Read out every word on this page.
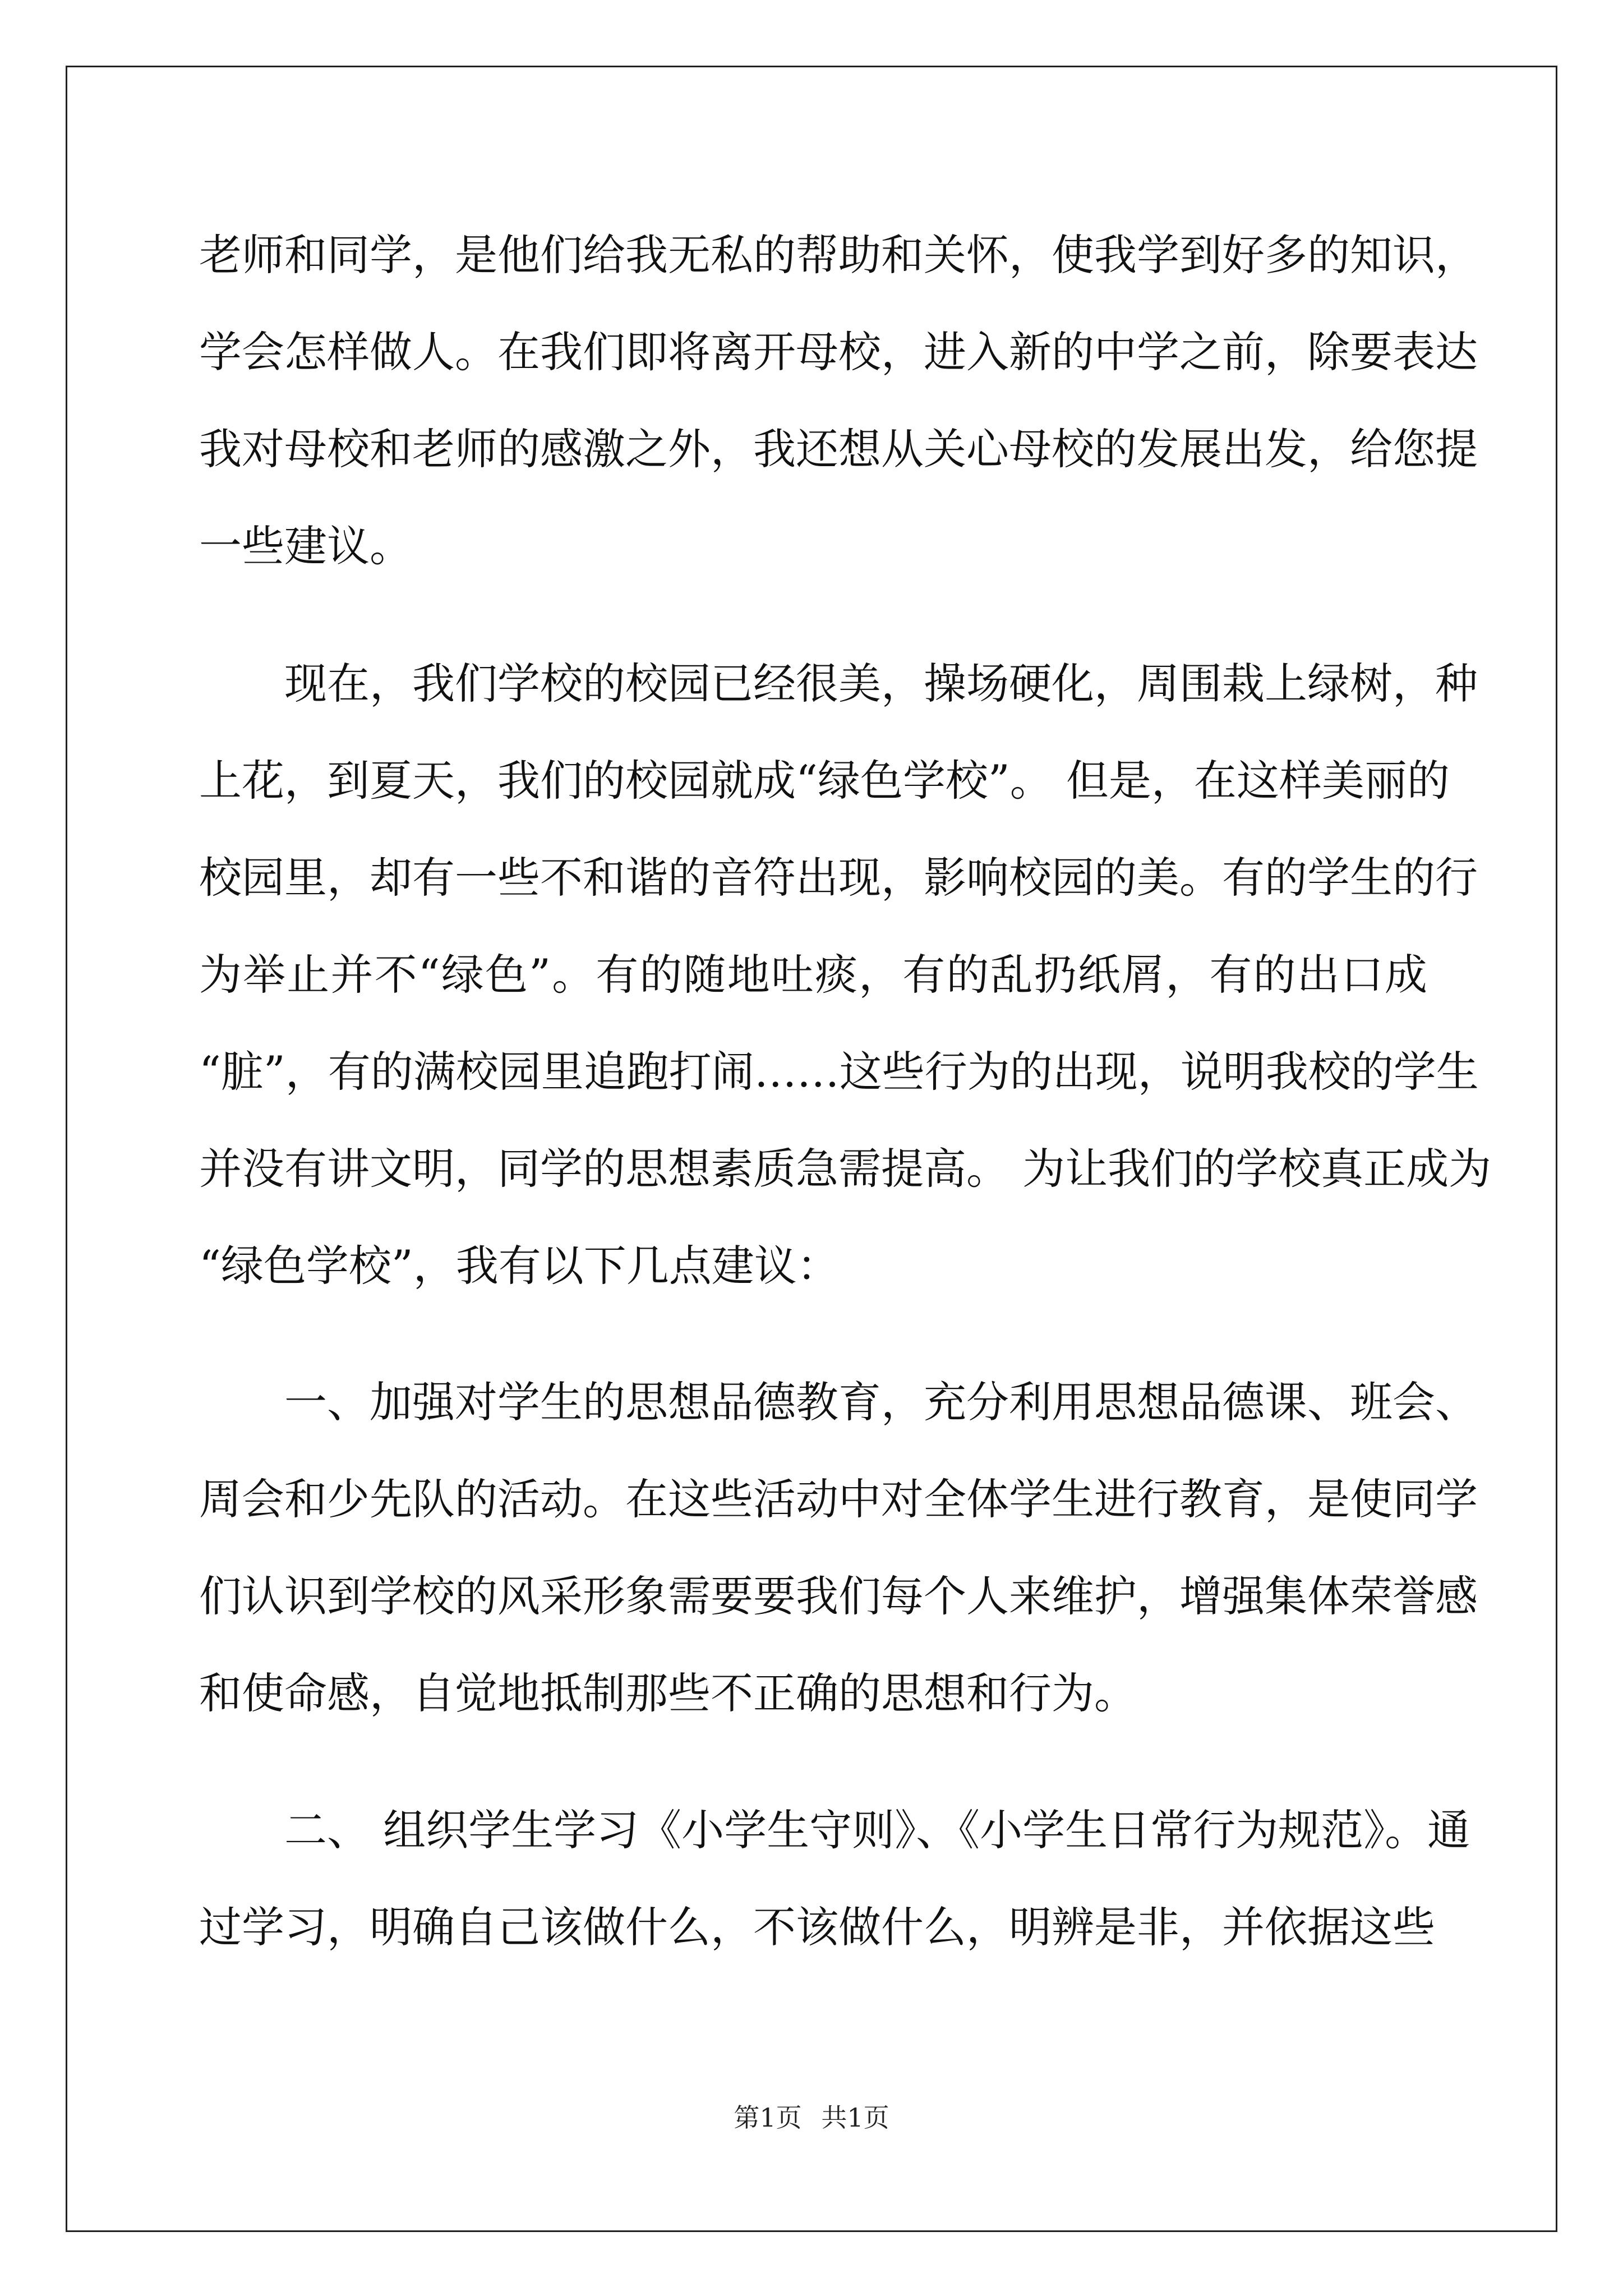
老师和同学，是他们给我无私的帮助和关怀，使我学到好多的知识，
学会怎样做人。在我们即将离开母校，进入新的中学之前，除要表达
我对母校和老师的感激之外，我还想从关心母校的发展出发，给您提
一些建议。
现在，我们学校的校园已经很美，操场硬化，周围栽上绿树，种
上花，到夏天，我们的校园就成“绿色学校”。 但是，在这样美丽的
校园里，却有一些不和谐的音符出现，影响校园的美。有的学生的行
为举止并不“绿色”。有的随地吐痰，有的乱扔纸屑，有的出口成
“脏”，有的满校园里追跑打闹……这些行为的出现，说明我校的学生
并没有讲文明，同学的思想素质急需提高。 为让我们的学校真正成为
“绿色学校”，我有以下几点建议：
一、加强对学生的思想品德教育，充分利用思想品德课、班会、
周会和少先队的活动。在这些活动中对全体学生进行教育，是使同学
们认识到学校的风采形象需要要我们每个人来维护，增强集体荣誉感
和使命感，自觉地抵制那些不正确的思想和行为。
二、 组织学生学习《小学生守则》、《小学生日常行为规范》。通
过学习，明确自己该做什么，不该做什么，明辨是非，并依据这些
第1页 共1页
